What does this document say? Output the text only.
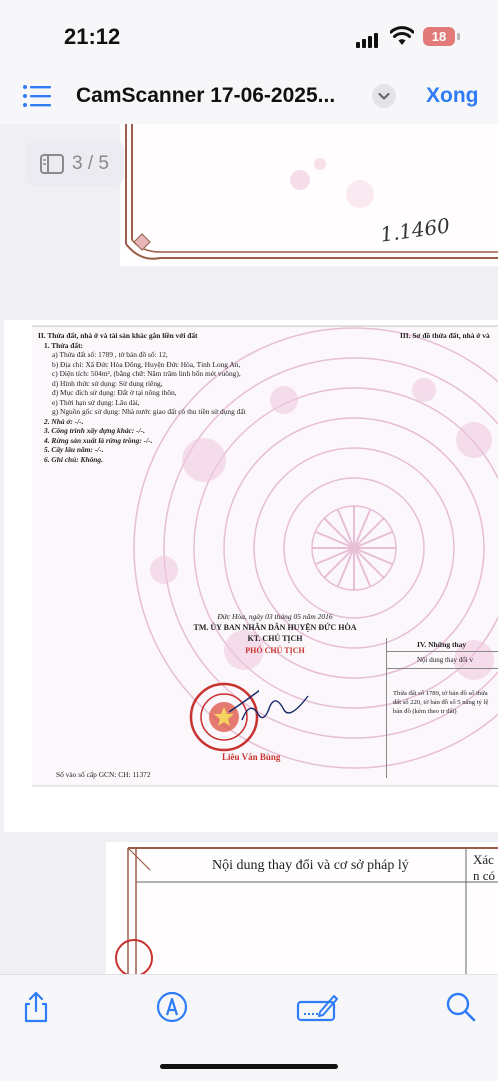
21:12	18
CamScanner 17-06-2025...	Xong
1.1460
3 / 5
II. Thửa đất, nhà ở và tài sản khác gắn liền với đất
1. Thửa đất:
a) Thửa đất số: 1789 , tờ bản đồ số: 12,
b) Địa chỉ: Xã Đức Hòa Đông, Huyện Đức Hòa, Tỉnh Long An,
c) Diện tích: 504m², (bằng chữ: Năm trăm linh bốn mét vuông),
d) Hình thức sử dụng: Sử dụng riêng,
đ) Mục đích sử dụng: Đất ở tại nông thôn,
e) Thời hạn sử dụng: Lâu dài,
g) Nguồn gốc sử dụng: Nhà nước giao đất có thu tiền sử dụng đất
2. Nhà ở: -/-.
3. Công trình xây dựng khác: -/-.
4. Rừng sản xuất là rừng trồng: -/-.
5. Cây lâu năm: -/-.
6. Ghi chú: Không.
III. Sơ đồ thửa đất, nhà ở và
Đức Hòa, ngày 03 tháng 05 năm 2016
TM. ỦY BAN NHÂN DÂN HUYỆN ĐỨC HÒA
KT. CHỦ TỊCH
PHÓ CHỦ TỊCH
Liêu Văn Bùng
Số vào sổ cấp GCN: CH: 11372
IV. Những thay
Nội dung thay đổi v
Thửa đất số 1789, tờ bản đồ số thửa đất số 220, tờ bản đồ số 5 nâng tỷ lệ bản đồ (kèm theo tr đất)
Nội dung thay đổi và cơ sở pháp lý	Xác n có
